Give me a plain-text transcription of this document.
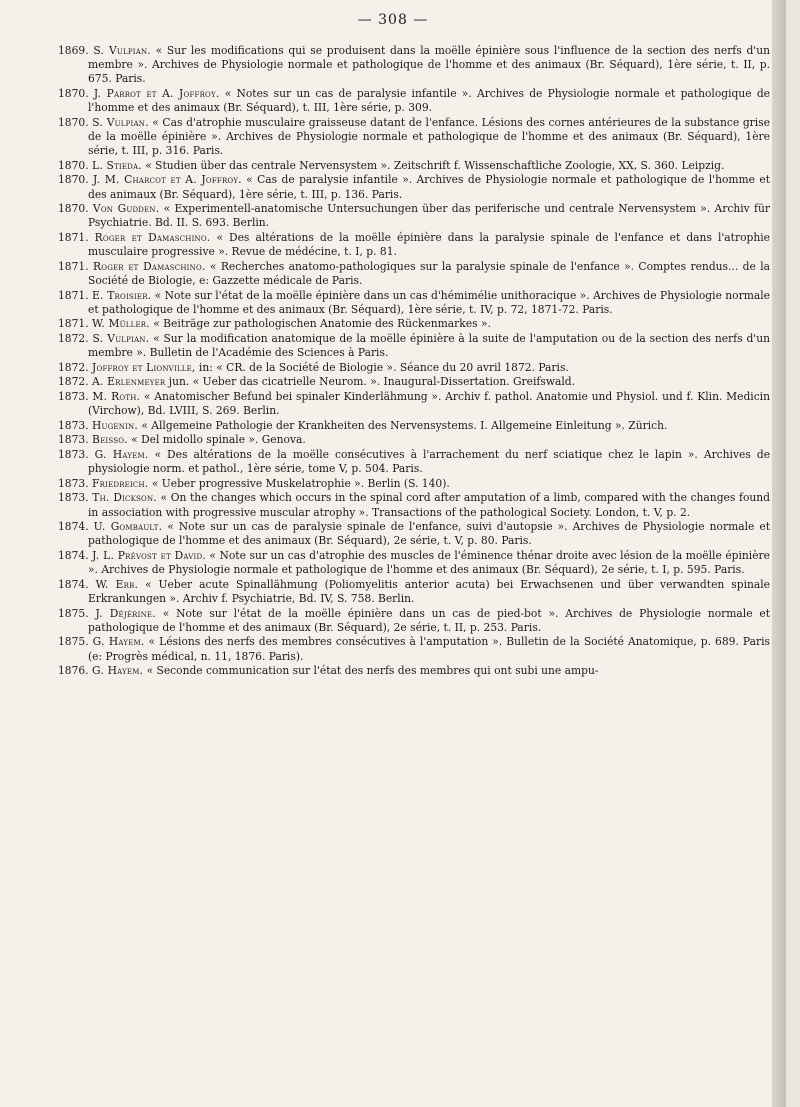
— 308 —

1869. S. Vulpian. « Sur les modifications qui se produisent dans la moëlle épinière sous l'influence de la section des nerfs d'un membre ». Archives de Physiologie normale et pathologique de l'homme et des animaux (Br. Séquard), 1ère série, t. II, p. 675. Paris.

1870. J. Parrot et A. Joffroy. « Notes sur un cas de paralysie infantile ». Archives de Physiologie normale et pathologique de l'homme et des animaux (Br. Séquard), t. III, 1ère série, p. 309.

1870. S. Vulpian. « Cas d'atrophie musculaire graisseuse datant de l'enfance. Lésions des cornes antérieures de la substance grise de la moëlle épinière ». Archives de Physiologie normale et pathologique de l'homme et des animaux (Br. Séquard), 1ère série, t. III, p. 316. Paris.

1870. L. Stieda. « Studien über das centrale Nervensystem ». Zeitschrift f. Wissenschaftliche Zoologie, XX, S. 360. Leipzig.

1870. J. M. Charcot et A. Joffroy. « Cas de paralysie infantile ». Archives de Physiologie normale et pathologique de l'homme et des animaux (Br. Séquard), 1ère série, t. III, p. 136. Paris.

1870. Von Gudden. « Experimentell-anatomische Untersuchungen über das periferische und centrale Nervensystem ». Archiv für Psychiatrie. Bd. II. S. 693. Berlin.

1871. Roger et Damaschino. « Des altérations de la moëlle épinière dans la paralysie spinale de l'enfance et dans l'atrophie musculaire progressive ». Revue de médécine, t. I, p. 81.

1871. Roger et Damaschino. « Recherches anatomo-pathologiques sur la paralysie spinale de l'enfance ». Comptes rendus... de la Société de Biologie, e: Gazzette médicale de Paris.

1871. E. Troisier. « Note sur l'état de la moëlle épinière dans un cas d'hémimélie unithoracique ». Archives de Physiologie normale et pathologique de l'homme et des animaux (Br. Séquard), 1ère série, t. IV, p. 72, 1871-72. Paris.

1871. W. Müller. « Beiträge zur pathologischen Anatomie des Rückenmarkes ».

1872. S. Vulpian. « Sur la modification anatomique de la moëlle épinière à la suite de l'amputation ou de la section des nerfs d'un membre ». Bulletin de l'Académie des Sciences à Paris.

1872. Joffroy et Lionville, in: « CR. de la Société de Biologie ». Séance du 20 avril 1872. Paris.

1872. A. Erlenmeyer jun. « Ueber das cicatrielle Neurom. ». Inaugural-Dissertation. Greifswald.

1873. M. Roth. « Anatomischer Befund bei spinaler Kinderlähmung ». Archiv f. pathol. Anatomie und Physiol. und f. Klin. Medicin (Virchow), Bd. LVIII, S. 269. Berlin.

1873. Hugenin. « Allgemeine Pathologie der Krankheiten des Nervensystems. I. Allgemeine Einleitung ». Zürich.

1873. Beisso. « Del midollo spinale ». Genova.

1873. G. Hayem. « Des altérations de la moëlle consécutives à l'arrachement du nerf sciatique chez le lapin ». Archives de physiologie norm. et pathol., 1ère série, tome V, p. 504. Paris.

1873. Friedreich. « Ueber progressive Muskelatrophie ». Berlin (S. 140).

1873. Th. Dickson. « On the changes which occurs in the spinal cord after amputation of a limb, compared with the changes found in association with progressive muscular atrophy ». Transactions of the pathological Society. London, t. V, p. 2.

1874. U. Gombault. « Note sur un cas de paralysie spinale de l'enfance, suivi d'autopsie ». Archives de Physiologie normale et pathologique de l'homme et des animaux (Br. Séquard), 2e série, t. V, p. 80. Paris.

1874. J. L. Prévost et David. « Note sur un cas d'atrophie des muscles de l'éminence thénar droite avec lésion de la moëlle épinière ». Archives de Physiologie normale et pathologique de l'homme et des animaux (Br. Séquard), 2e série, t. I, p. 595. Paris.

1874. W. Erb. « Ueber acute Spinallähmung (Poliomyelitis anterior acuta) bei Erwachsenen und über verwandten spinale Erkrankungen ». Archiv f. Psychiatrie, Bd. IV, S. 758. Berlin.

1875. J. Déjérine. « Note sur l'état de la moëlle épinière dans un cas de pied-bot ». Archives de Physiologie normale et pathologique de l'homme et des animaux (Br. Séquard), 2e série, t. II, p. 253. Paris.

1875. G. Hayem. « Lésions des nerfs des membres consécutives à l'amputation ». Bulletin de la Société Anatomique, p. 689. Paris (e: Progrès médical, n. 11, 1876. Paris).

1876. G. Hayem. « Seconde communication sur l'état des nerfs des membres qui ont subi une ampu-
